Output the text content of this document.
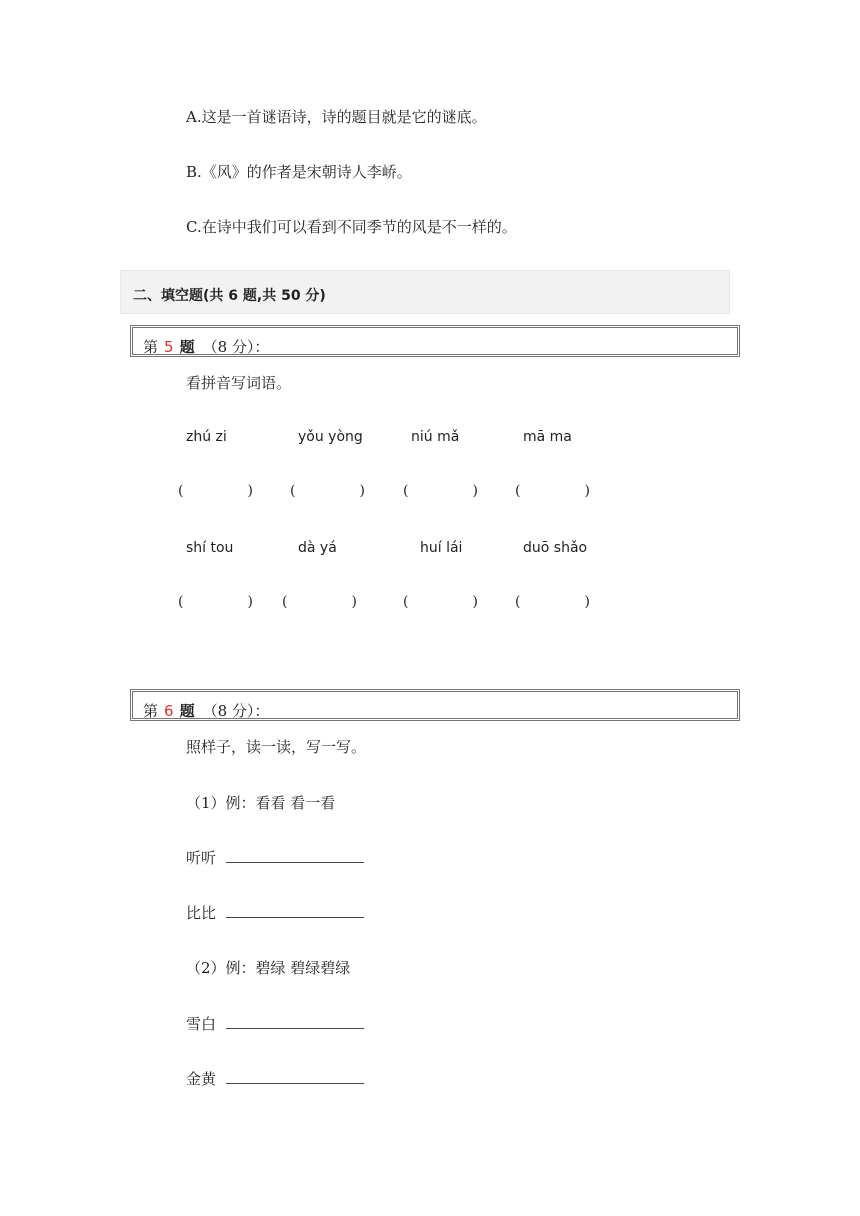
A.这是一首谜语诗，诗的题目就是它的谜底。
B.《风》的作者是宋朝诗人李峤。
C.在诗中我们可以看到不同季节的风是不一样的。
二、填空题(共 6 题,共 50 分)
第 5 题 （8 分）：
看拼音写词语。
zhú zi	yǒu yòng	niú mǎ	mā ma
(	)	(	)	(	)	(	)
shí tou	dà yá	huí lái	duō shǎo
(	) (	)	(	)	(	)
第 6 题 （8 分）：
照样子，读一读，写一写。
（1）例：看看 看一看
听听
比比
（2）例：碧绿 碧绿碧绿
雪白
金黄
